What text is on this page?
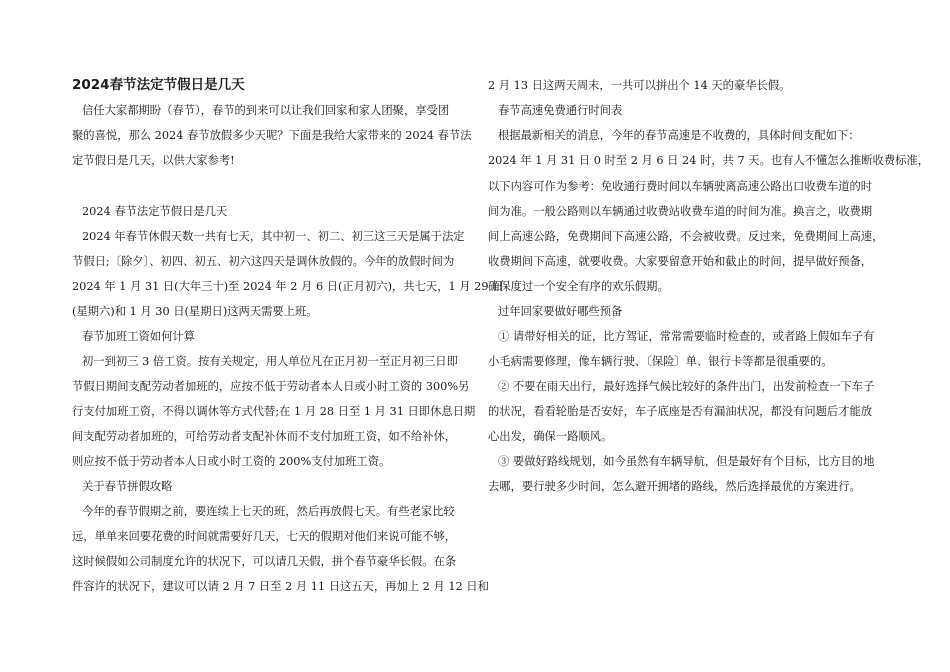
2024春节法定节假日是几天

信任大家都期盼（春节），春节的到来可以让我们回家和家人团聚，享受团

聚的喜悦，那么 2024 春节放假多少天呢？下面是我给大家带来的 2024 春节法

定节假日是几天，以供大家参考!

2024 春节法定节假日是几天

2024 年春节休假天数一共有七天，其中初一、初二、初三这三天是属于法定

节假日;〔除夕〕、初四、初五、初六这四天是调休放假的。今年的放假时间为

2024 年 1 月 31 日(大年三十)至 2024 年 2 月 6 日(正月初六)，共七天，1 月 29 日

(星期六)和 1 月 30 日(星期日)这两天需要上班。

春节加班工资如何计算

初一到初三 3 倍工资。按有关规定，用人单位凡在正月初一至正月初三日即

节假日期间支配劳动者加班的，应按不低于劳动者本人日或小时工资的 300%另

行支付加班工资，不得以调休等方式代替;在 1 月 28 日至 1 月 31 日即休息日期

间支配劳动者加班的，可给劳动者支配补休而不支付加班工资，如不给补休，

则应按不低于劳动者本人日或小时工资的 200%支付加班工资。

关于春节拼假攻略

今年的春节假期之前，要连续上七天的班，然后再放假七天。有些老家比较

远，単单来回要花费的时间就需要好几天，七天的假期对他们来说可能不够，

这时候假如公司制度允许的状况下，可以请几天假，拼个春节豪华长假。在条

件容许的状况下，建议可以请 2 月 7 日至 2 月 11 日这五天，再加上 2 月 12 日和

2 月 13 日这两天周末，一共可以拼出个 14 天的豪华长假。

春节高速免费通行时间表

根据最新相关的消息，今年的春节高速是不收费的，具体时间支配如下：

2024 年 1 月 31 日 0 时至 2 月 6 日 24 时，共 7 天。也有人不懂怎么推断收费标准，

以下内容可作为参考：免收通行费时间以车辆驶离高速公路出口收费车道的时

间为准。一般公路则以车辆通过收费站收费车道的时间为准。换言之，收费期

间上高速公路，免费期间下高速公路，不会被收费。反过来，免费期间上高速，

收费期间下高速，就要收费。大家要留意开始和截止的时间，提早做好预备，

确保度过一个安全有序的欢乐假期。

过年回家要做好哪些预备

① 请带好相关的证，比方驾证，常常需要临时检查的，或者路上假如车子有

小毛病需要修理，像车辆行驶、〔保险〕单、银行卡等都是很重要的。

② 不要在雨天出行，最好选择气候比较好的条件出门，出发前检查一下车子

的状况，看看轮胎是否安好，车子底座是否有漏油状况，都没有问题后才能放

心出发，确保一路顺风。

③ 要做好路线规划，如今虽然有车辆导航，但是最好有个目标，比方目的地

去哪，要行驶多少时间，怎么避开拥堵的路线，然后选择最优的方案进行。
